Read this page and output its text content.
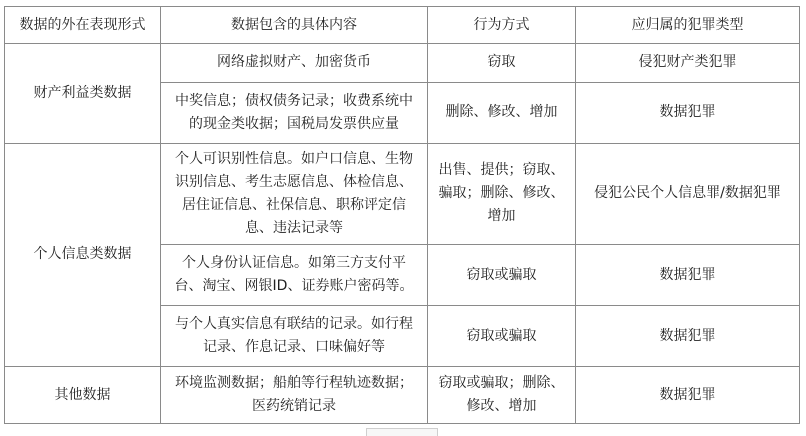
数据的外在表现形式	数据包含的具体内容	行为方式	应归属的犯罪类型
财产利益类数据	网络虚拟财产、加密货币	窃取	侵犯财产类犯罪

	中奖信息；债权债务记录；收费系统中的现金类收据；国税局发票供应量	删除、修改、增加	数据犯罪
个人信息类数据	个人可识别性信息。如户口信息、生物识别信息、考生志愿信息、体检信息、居住证信息、社保信息、职称评定信息、违法记录等	出售、提供；窃取、骗取；删除、修改、增加	侵犯公民个人信息罪/数据犯罪

	个人身份认证信息。如第三方支付平台、淘宝、网银ID、证券账户密码等。	窃取或骗取	数据犯罪

	与个人真实信息有联结的记录。如行程记录、作息记录、口味偏好等	窃取或骗取	数据犯罪
其他数据	环境监测数据；船舶等行程轨迹数据；医药统销记录	窃取或骗取；删除、修改、增加	数据犯罪
